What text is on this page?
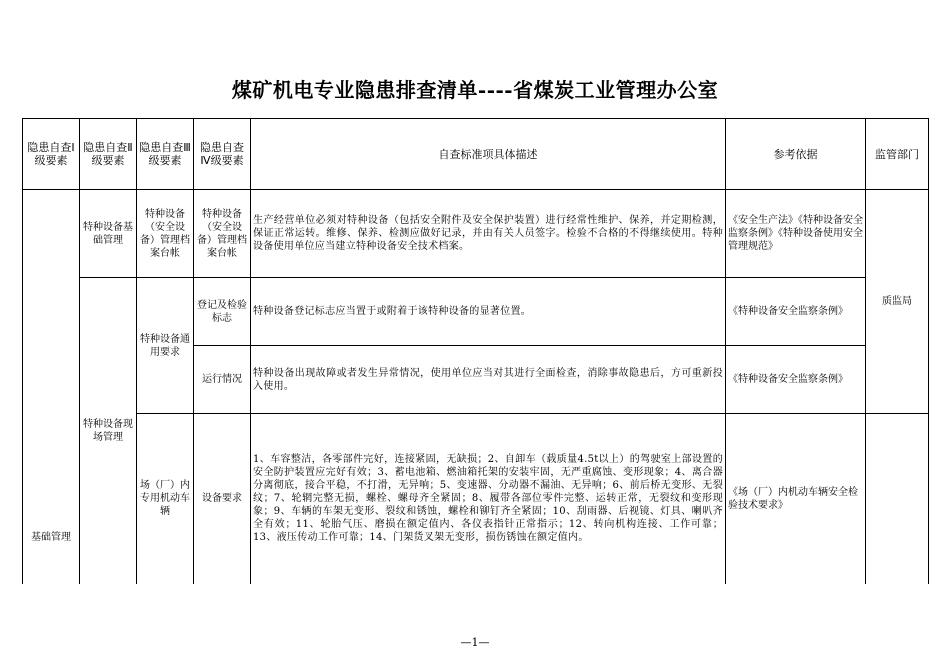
煤矿机电专业隐患排查清单----省煤炭工业管理办公室
隐患自查Ⅰ级要素	隐患自查Ⅱ级要素	隐患自查Ⅲ级要素	隐患自查Ⅳ级要素	自查标准项具体描述	参考依据	监管部门
基础管理	特种设备基础管理	特种设备（安全设备）管理档案台帐	特种设备（安全设备）管理档案台帐	生产经营单位必须对特种设备（包括安全附件及安全保护装置）进行经常性维护、保养，并定期检测，保证正常运转。维修、保养、检测应做好记录，并由有关人员签字。检验不合格的不得继续使用。特种设备使用单位应当建立特种设备安全技术档案。	《安全生产法》《特种设备安全监察条例》《特种设备使用安全管理规范》	质监局
	特种设备现场管理	特种设备通用要求	登记及检验标志	特种设备登记标志应当置于或附着于该特种设备的显著位置。	《特种设备安全监察条例》	
			运行情况	特种设备出现故障或者发生异常情况，使用单位应当对其进行全面检查，消除事故隐患后，方可重新投入使用。	《特种设备安全监察条例》	
		场（厂）内专用机动车辆	设备要求	1、车容整洁，各零部件完好，连接紧固，无缺损；2、自卸车（载质量4.5t以上）的驾驶室上部设置的安全防护装置应完好有效；3、蓄电池箱、燃油箱托架的安装牢固，无严重腐蚀、变形现象；4、离合器分离彻底，接合平稳，不打滑，无异响；5、变速器、分动器不漏油、无异响；6、前后桥无变形、无裂纹；7、轮辋完整无损，螺栓、螺母齐全紧固；8、履带各部位零件完整、运转正常，无裂纹和变形现象；9、车辆的车架无变形、裂纹和锈蚀，螺栓和铆钉齐全紧固；10、刮雨器、后视镜、灯具、喇叭齐全有效；11、轮胎气压、磨损在额定值内、各仪表指针正常指示；12、转向机构连接、工作可靠；13、液压传动工作可靠；14、门架货叉架无变形，损伤锈蚀在额定值内。	《场（厂）内机动车辆安全检验技术要求》	
—1—
